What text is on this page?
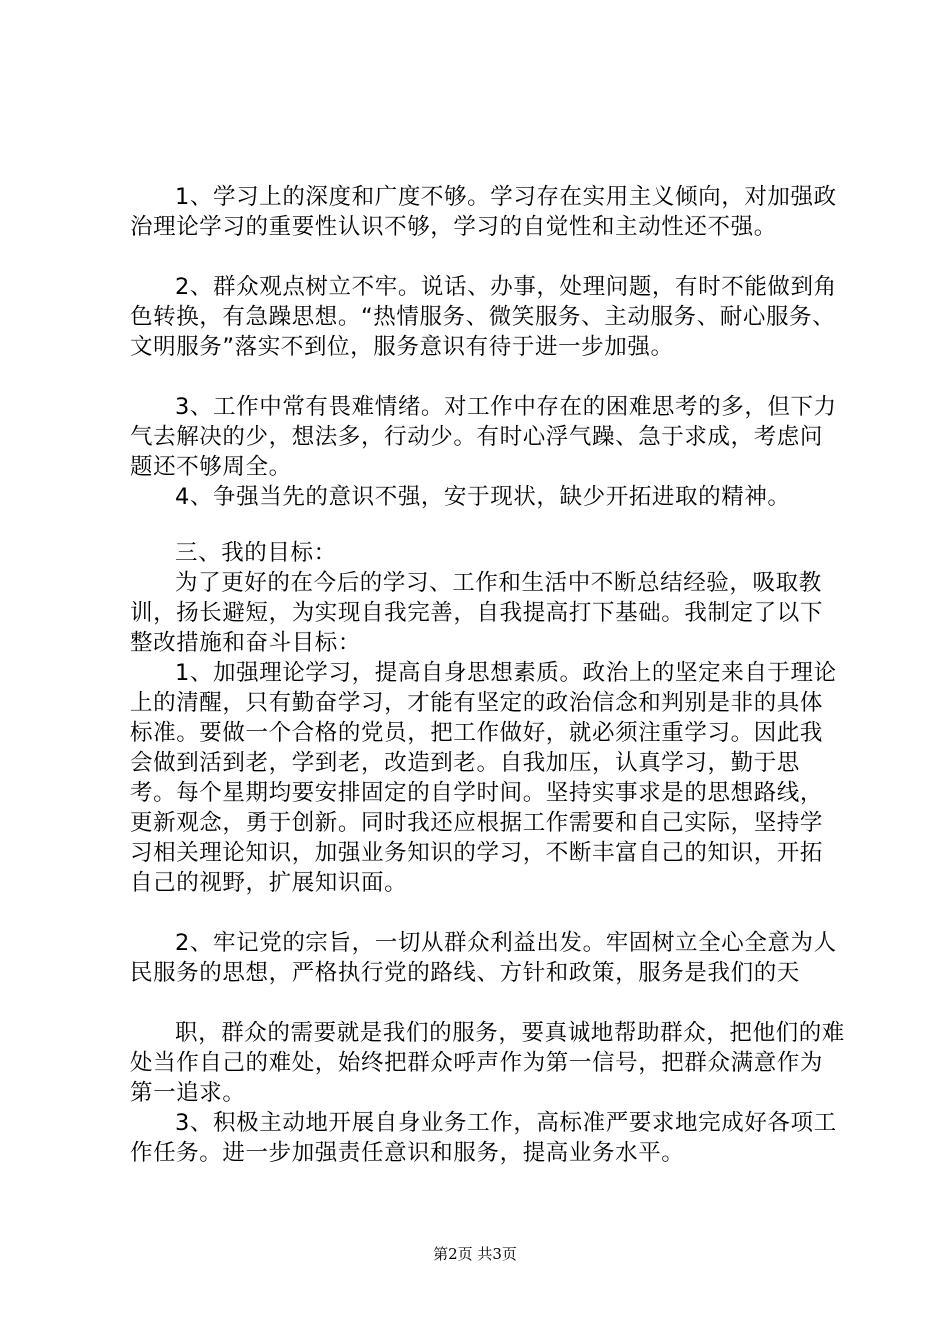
1、学习上的深度和广度不够。学习存在实用主义倾向，对加强政治理论学习的重要性认识不够，学习的自觉性和主动性还不强。

2、群众观点树立不牢。说话、办事，处理问题，有时不能做到角色转换，有急躁思想。“热情服务、微笑服务、主动服务、耐心服务、文明服务”落实不到位，服务意识有待于进一步加强。

3、工作中常有畏难情绪。对工作中存在的困难思考的多，但下力气去解决的少，想法多，行动少。有时心浮气躁、急于求成，考虑问题还不够周全。

4、争强当先的意识不强，安于现状，缺少开拓进取的精神。

三、我的目标：

为了更好的在今后的学习、工作和生活中不断总结经验，吸取教训，扬长避短，为实现自我完善，自我提高打下基础。我制定了以下整改措施和奋斗目标：

1、加强理论学习，提高自身思想素质。政治上的坚定来自于理论上的清醒，只有勤奋学习，才能有坚定的政治信念和判别是非的具体标准。要做一个合格的党员，把工作做好，就必须注重学习。因此我会做到活到老，学到老，改造到老。自我加压，认真学习，勤于思考。每个星期均要安排固定的自学时间。坚持实事求是的思想路线，更新观念，勇于创新。同时我还应根据工作需要和自己实际，坚持学习相关理论知识，加强业务知识的学习，不断丰富自己的知识，开拓自己的视野，扩展知识面。

2、牢记党的宗旨，一切从群众利益出发。牢固树立全心全意为人民服务的思想，严格执行党的路线、方针和政策，服务是我们的天

职，群众的需要就是我们的服务，要真诚地帮助群众，把他们的难处当作自己的难处，始终把群众呼声作为第一信号，把群众满意作为第一追求。

3、积极主动地开展自身业务工作，高标准严要求地完成好各项工作任务。进一步加强责任意识和服务，提高业务水平。

第2页 共3页
